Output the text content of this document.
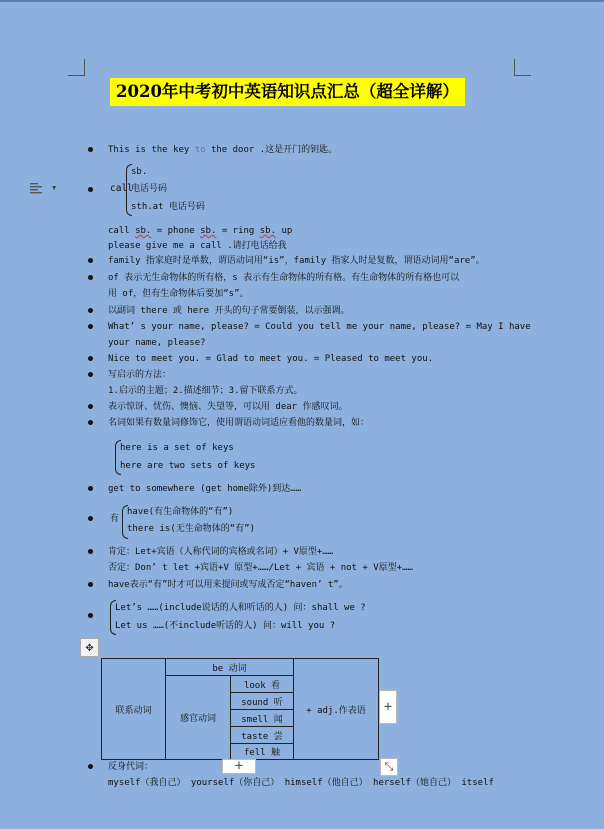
2020年中考初中英语知识点汇总（超全详解）
▼
This is the key to the door .这是开门的钥匙。
call
sb.
电话号码
sth.at 电话号码
call sb. = phone sb. = ring sb. up
please give me a call .请打电话给我
family 指家庭时是单数，谓语动词用“is”，family 指家人时是复数，谓语动词用“are”。
of 表示无生命物体的所有格，s 表示有生命物体的所有格。有生命物体的所有格也可以
用 of，但有生命物体后要加“s”。
以副词 there 或 here 开头的句子常要倒装，以示强调。
What’ s your name, please? = Could you tell me your name, please? = May I have
your name, please?
Nice to meet you. = Glad to meet you. = Pleased to meet you.
写启示的方法：
1.启示的主题；2.描述细节；3.留下联系方式。
表示惊讶、忧伤、懊恼、失望等，可以用 dear 作感叹词。
名词如果有数量词修饰它，使用谓语动词适应看他的数量词，如：
here is a set of keys
here are two sets of keys
get to somewhere (get home除外)到达……
有
have(有生命物体的“有”)
there is(无生命物体的“有”)
肯定：Let+宾语（人称代词的宾格或名词）+ V原型+……
否定：Don’ t let +宾语+V 原型+……/Let + 宾语 + not + V原型+……
have表示“有”时才可以用来提问或写成否定“haven’ t”。
Let’s ……(include说话的人和听话的人) 问：shall we ?
Let us ……(不include听话的人) 问：will you ?
✥
联系动词	be 动词		+ adj.作表语
	感官动词	look 看	
		sound 听	
		smell 闻	
		taste 尝	
		fell 触	
+
+	⤡
反身代词：
myself（我自己） yourself（你自己） himself（他自己） herself（她自己） itself
